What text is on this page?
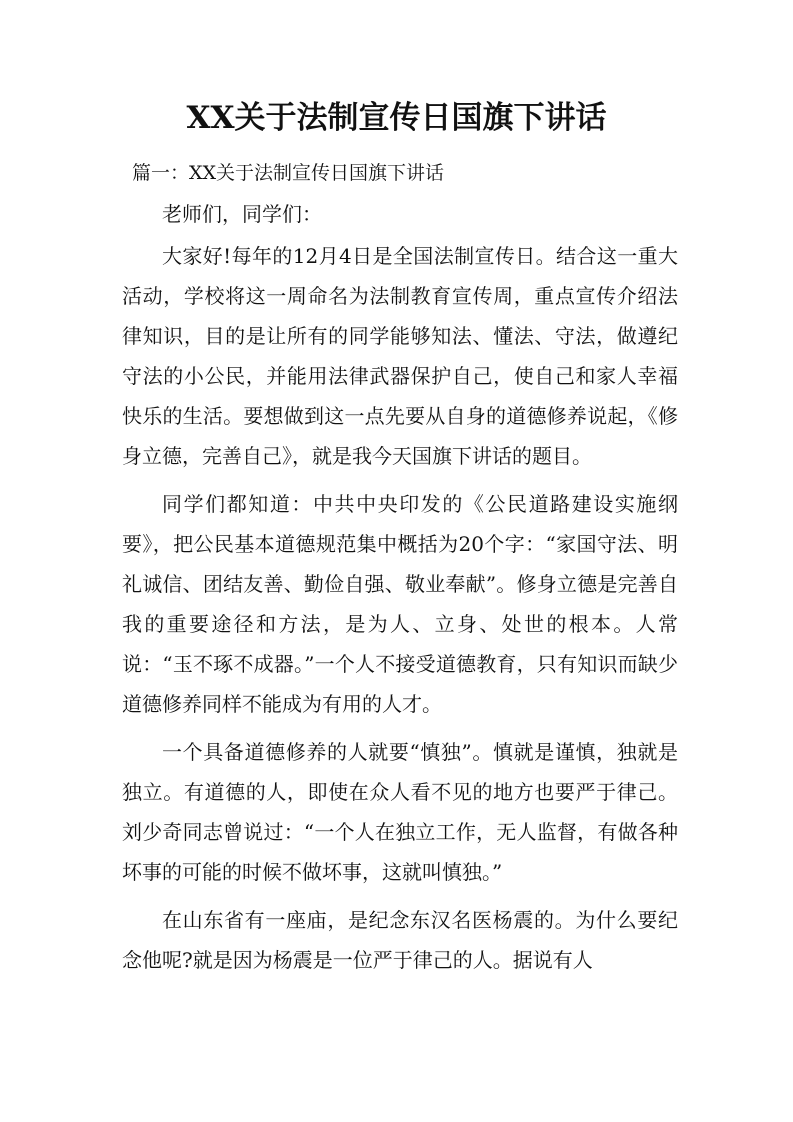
XX关于法制宣传日国旗下讲话
篇一：XX关于法制宣传日国旗下讲话

老师们，同学们：

大家好!每年的12月4日是全国法制宣传日。结合这一重大活动，学校将这一周命名为法制教育宣传周，重点宣传介绍法律知识，目的是让所有的同学能够知法、懂法、守法，做遵纪守法的小公民，并能用法律武器保护自己，使自己和家人幸福快乐的生活。要想做到这一点先要从自身的道德修养说起，《修身立德，完善自己》，就是我今天国旗下讲话的题目。

同学们都知道：中共中央印发的《公民道路建设实施纲要》，把公民基本道德规范集中概括为20个字：“家国守法、明礼诚信、团结友善、勤俭自强、敬业奉献”。修身立德是完善自我的重要途径和方法，是为人、立身、处世的根本。人常说：“玉不琢不成器。”一个人不接受道德教育，只有知识而缺少道德修养同样不能成为有用的人才。

一个具备道德修养的人就要“慎独”。慎就是谨慎，独就是独立。有道德的人，即使在众人看不见的地方也要严于律己。刘少奇同志曾说过：“一个人在独立工作，无人监督，有做各种坏事的可能的时候不做坏事，这就叫慎独。”

在山东省有一座庙，是纪念东汉名医杨震的。为什么要纪念他呢?就是因为杨震是一位严于律己的人。据说有人
